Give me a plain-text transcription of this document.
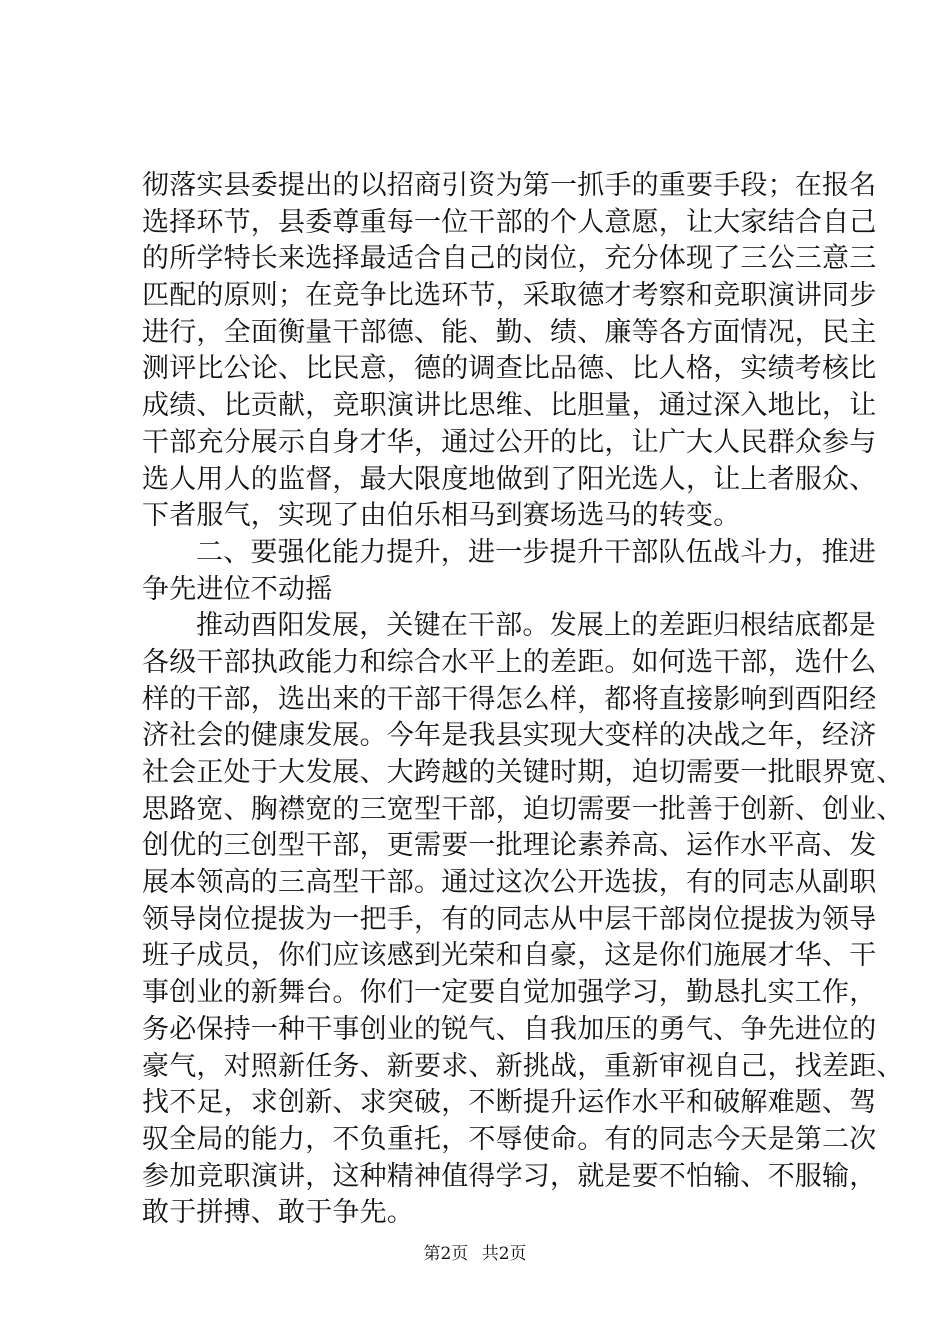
彻落实县委提出的以招商引资为第一抓手的重要手段；在报名
选择环节，县委尊重每一位干部的个人意愿，让大家结合自己
的所学特长来选择最适合自己的岗位，充分体现了三公三意三
匹配的原则；在竞争比选环节，采取德才考察和竞职演讲同步
进行，全面衡量干部德、能、勤、绩、廉等各方面情况，民主
测评比公论、比民意，德的调查比品德、比人格，实绩考核比
成绩、比贡献，竞职演讲比思维、比胆量，通过深入地比，让
干部充分展示自身才华，通过公开的比，让广大人民群众参与
选人用人的监督，最大限度地做到了阳光选人，让上者服众、
下者服气，实现了由伯乐相马到赛场选马的转变。
二、要强化能力提升，进一步提升干部队伍战斗力，推进
争先进位不动摇
推动酉阳发展，关键在干部。发展上的差距归根结底都是
各级干部执政能力和综合水平上的差距。如何选干部，选什么
样的干部，选出来的干部干得怎么样，都将直接影响到酉阳经
济社会的健康发展。今年是我县实现大变样的决战之年，经济
社会正处于大发展、大跨越的关键时期，迫切需要一批眼界宽、
思路宽、胸襟宽的三宽型干部，迫切需要一批善于创新、创业、
创优的三创型干部，更需要一批理论素养高、运作水平高、发
展本领高的三高型干部。通过这次公开选拔，有的同志从副职
领导岗位提拔为一把手，有的同志从中层干部岗位提拔为领导
班子成员，你们应该感到光荣和自豪，这是你们施展才华、干
事创业的新舞台。你们一定要自觉加强学习，勤恳扎实工作，
务必保持一种干事创业的锐气、自我加压的勇气、争先进位的
豪气，对照新任务、新要求、新挑战，重新审视自己，找差距、
找不足，求创新、求突破，不断提升运作水平和破解难题、驾
驭全局的能力，不负重托，不辱使命。有的同志今天是第二次
参加竞职演讲，这种精神值得学习，就是要不怕输、不服输，
敢于拼搏、敢于争先。
第2页 共2页
